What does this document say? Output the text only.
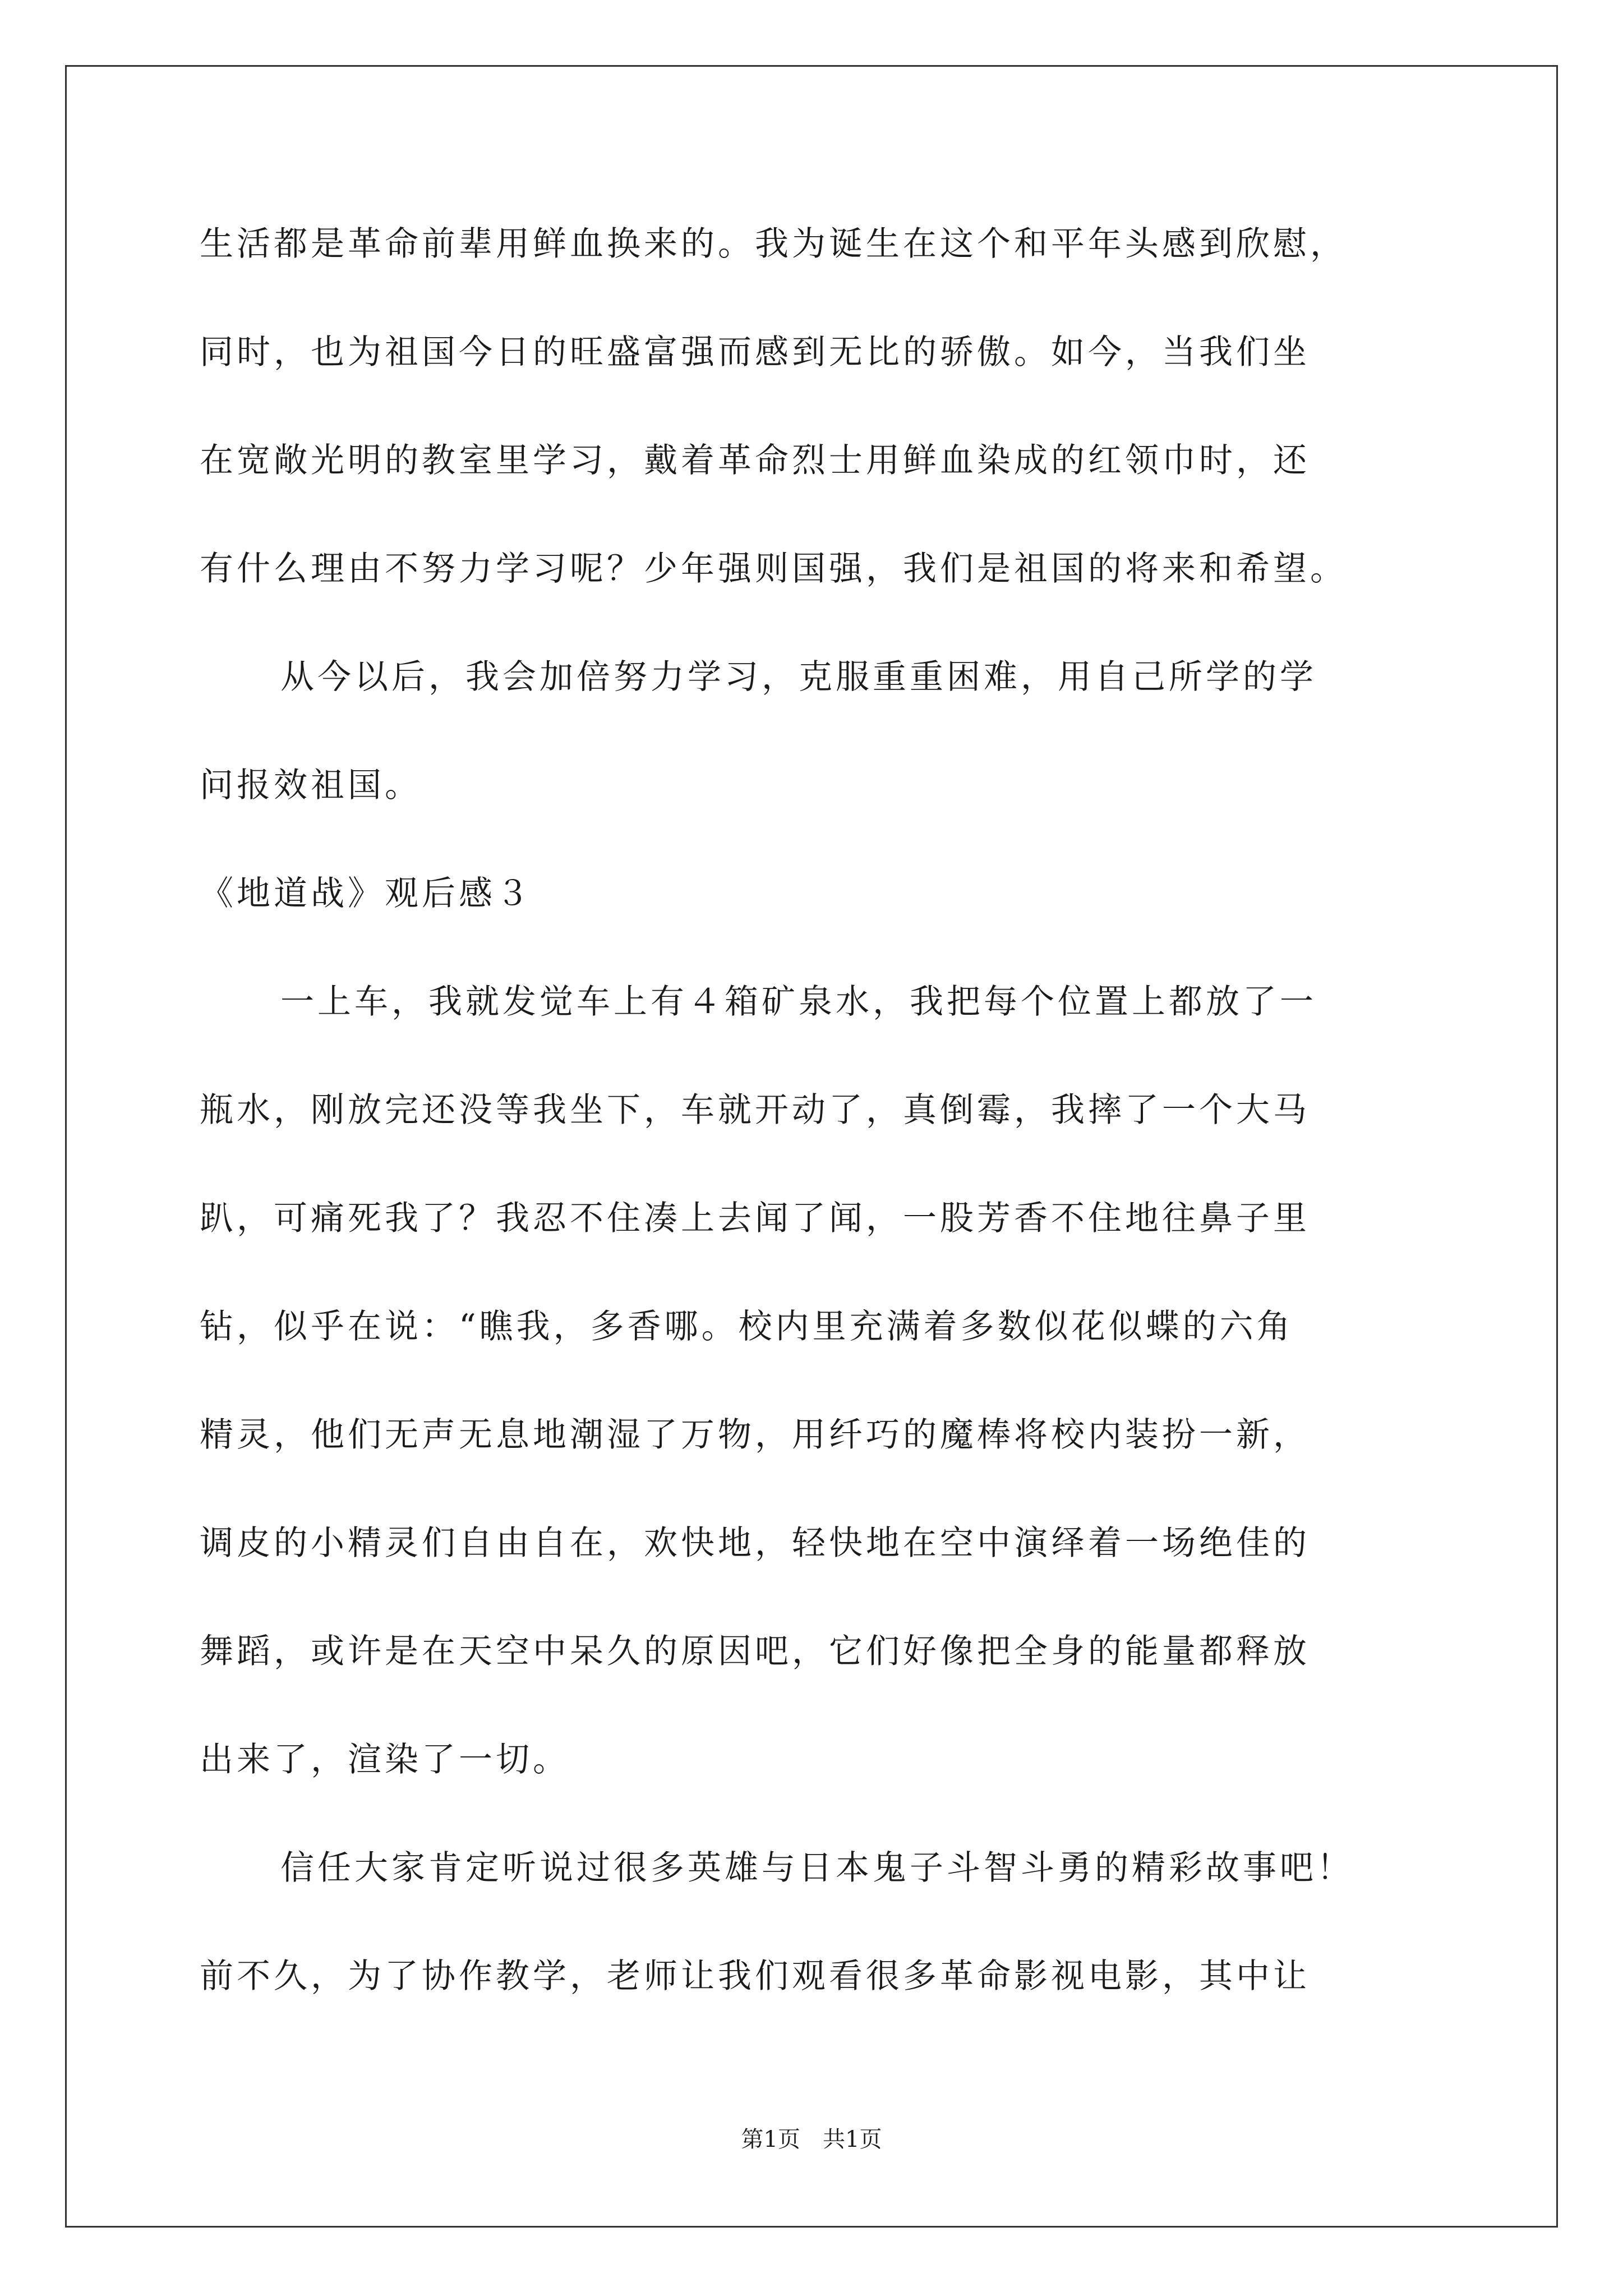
生活都是革命前辈用鲜血换来的。我为诞生在这个和平年头感到欣慰，
同时，也为祖国今日的旺盛富强而感到无比的骄傲。如今，当我们坐
在宽敞光明的教室里学习，戴着革命烈士用鲜血染成的红领巾时，还
有什么理由不努力学习呢？少年强则国强，我们是祖国的将来和希望。
从今以后，我会加倍努力学习，克服重重困难，用自己所学的学
问报效祖国。
《地道战》观后感３
一上车，我就发觉车上有４箱矿泉水，我把每个位置上都放了一
瓶水，刚放完还没等我坐下，车就开动了，真倒霉，我摔了一个大马
趴，可痛死我了？我忍不住凑上去闻了闻，一股芳香不住地往鼻子里
钻，似乎在说：“瞧我，多香哪。校内里充满着多数似花似蝶的六角
精灵，他们无声无息地潮湿了万物，用纤巧的魔棒将校内装扮一新，
调皮的小精灵们自由自在，欢快地，轻快地在空中演绎着一场绝佳的
舞蹈，或许是在天空中呆久的原因吧，它们好像把全身的能量都释放
出来了，渲染了一切。
信任大家肯定听说过很多英雄与日本鬼子斗智斗勇的精彩故事吧！
前不久，为了协作教学，老师让我们观看很多革命影视电影，其中让
第1页 共1页
